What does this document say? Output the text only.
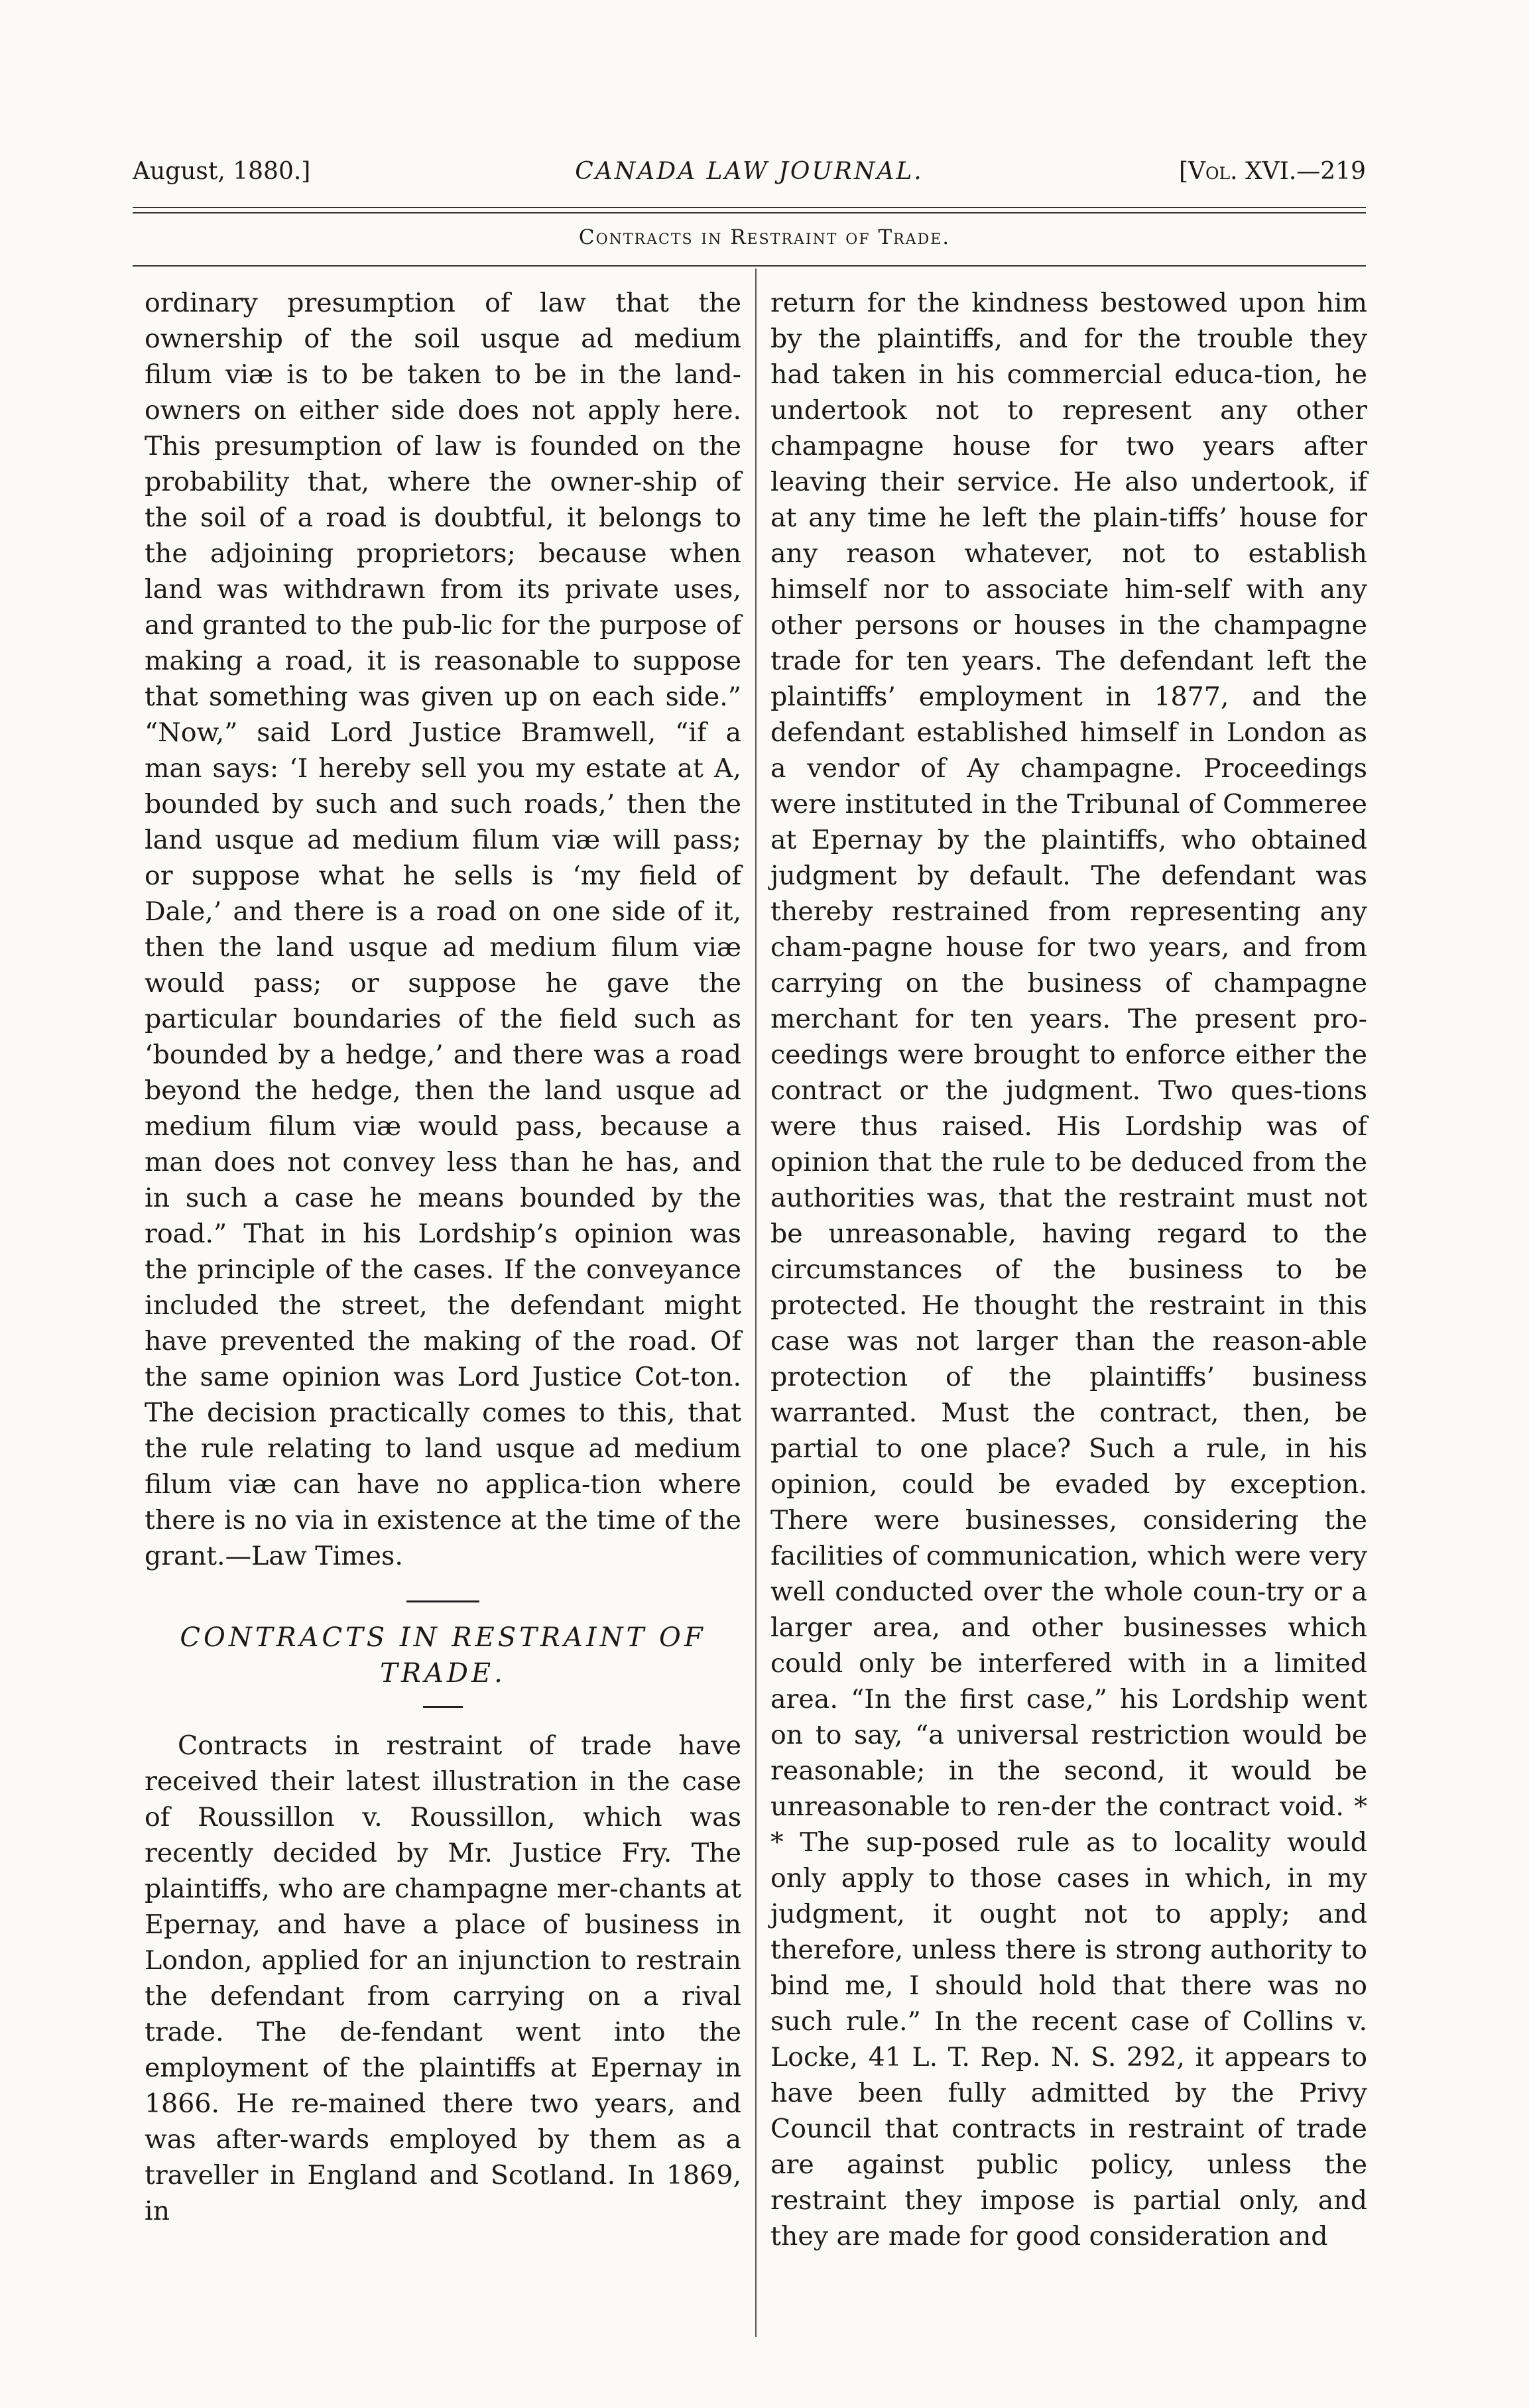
August, 1880.]	CANADA LAW JOURNAL.	[Vol. XVI.—219
Contracts in Restraint of Trade.

ordinary presumption of law that the ownership of the soil usque ad medium filum viæ is to be taken to be in the land-owners on either side does not apply here. This presumption of law is founded on the probability that, where the owner-ship of the soil of a road is doubtful, it belongs to the adjoining proprietors; because when land was withdrawn from its private uses, and granted to the pub-lic for the purpose of making a road, it is reasonable to suppose that something was given up on each side.” “Now,” said Lord Justice Bramwell, “if a man says: ‘I hereby sell you my estate at A, bounded by such and such roads,’ then the land usque ad medium filum viæ will pass; or suppose what he sells is ‘my field of Dale,’ and there is a road on one side of it, then the land usque ad medium filum viæ would pass; or suppose he gave the particular boundaries of the field such as ‘bounded by a hedge,’ and there was a road beyond the hedge, then the land usque ad medium filum viæ would pass, because a man does not convey less than he has, and in such a case he means bounded by the road.” That in his Lordship’s opinion was the principle of the cases. If the conveyance included the street, the defendant might have prevented the making of the road. Of the same opinion was Lord Justice Cot-ton. The decision practically comes to this, that the rule relating to land usque ad medium filum viæ can have no applica-tion where there is no via in existence at the time of the grant.—Law Times.

CONTRACTS IN RESTRAINT OF
TRADE.

Contracts in restraint of trade have received their latest illustration in the case of Roussillon v. Roussillon, which was recently decided by Mr. Justice Fry. The plaintiffs, who are champagne mer-chants at Epernay, and have a place of business in London, applied for an injunction to restrain the defendant from carrying on a rival trade. The de-fendant went into the employment of the plaintiffs at Epernay in 1866. He re-mained there two years, and was after-wards employed by them as a traveller in England and Scotland. In 1869, in

return for the kindness bestowed upon him by the plaintiffs, and for the trouble they had taken in his commercial educa-tion, he undertook not to represent any other champagne house for two years after leaving their service. He also undertook, if at any time he left the plain-tiffs’ house for any reason whatever, not to establish himself nor to associate him-self with any other persons or houses in the champagne trade for ten years. The defendant left the plaintiffs’ employment in 1877, and the defendant established himself in London as a vendor of Ay champagne. Proceedings were instituted in the Tribunal of Commeree at Epernay by the plaintiffs, who obtained judgment by default. The defendant was thereby restrained from representing any cham-pagne house for two years, and from carrying on the business of champagne merchant for ten years. The present pro-ceedings were brought to enforce either the contract or the judgment. Two ques-tions were thus raised. His Lordship was of opinion that the rule to be deduced from the authorities was, that the restraint must not be unreasonable, having regard to the circumstances of the business to be protected. He thought the restraint in this case was not larger than the reason-able protection of the plaintiffs’ business warranted. Must the contract, then, be partial to one place? Such a rule, in his opinion, could be evaded by exception. There were businesses, considering the facilities of communication, which were very well conducted over the whole coun-try or a larger area, and other businesses which could only be interfered with in a limited area. “In the first case,” his Lordship went on to say, “a universal restriction would be reasonable; in the second, it would be unreasonable to ren-der the contract void. * * The sup-posed rule as to locality would only apply to those cases in which, in my judgment, it ought not to apply; and therefore, unless there is strong authority to bind me, I should hold that there was no such rule.” In the recent case of Collins v. Locke, 41 L. T. Rep. N. S. 292, it appears to have been fully admitted by the Privy Council that contracts in restraint of trade are against public policy, unless the restraint they impose is partial only, and they are made for good consideration and
